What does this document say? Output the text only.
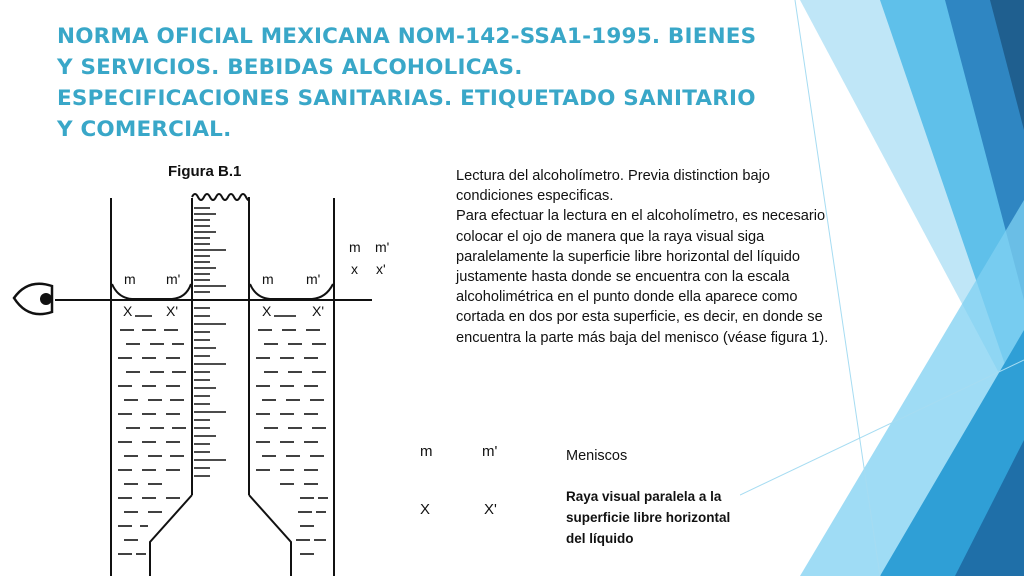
NORMA OFICIAL MEXICANA NOM-142-SSA1-1995. BIENES Y SERVICIOS. BEBIDAS ALCOHOLICAS. ESPECIFICACIONES SANITARIAS. ETIQUETADO SANITARIO Y COMERCIAL.

Lectura del alcoholímetro. Previa distinction bajo condiciones especificas.

Para efectuar la lectura en el alcoholímetro, es necesario colocar el ojo de manera que la raya visual siga paralelamente la superficie libre horizontal del líquido justamente hasta donde se encuentra con la escala alcoholimétrica en el punto donde ella aparece como cortada en dos por esta superficie, es decir, en donde se encuentra la parte más baja del menisco (véase figura 1).

Figura B.1
m m'	m m'
X X'	X	X'
m m'
x x'
m	m'	Meniscos
X	X'
Raya visual paralela a la
superficie libre horizontal
del líquido
